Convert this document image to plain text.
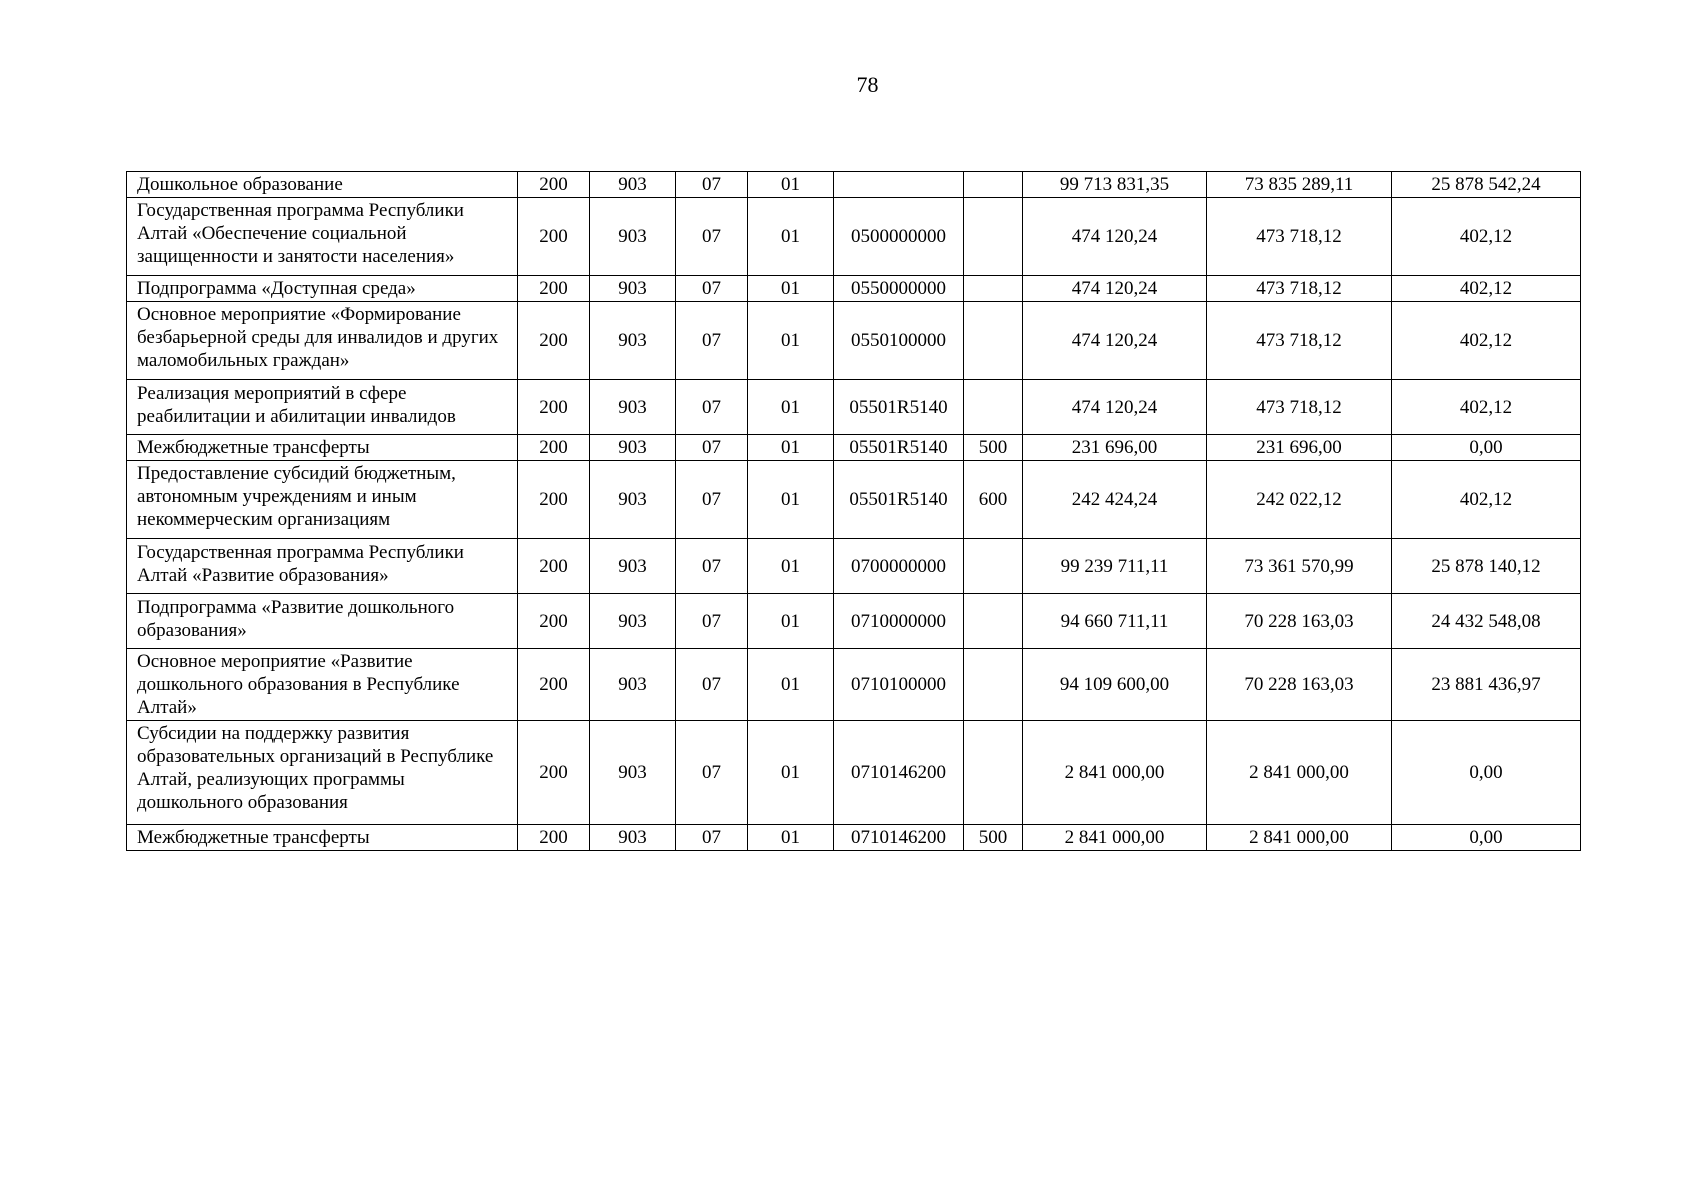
78
Дошкольное образование	200	903	07	01			99 713 831,35	73 835 289,11	25 878 542,24
Государственная программа Республики Алтай «Обеспечение социальной защищенности и занятости населения»	200	903	07	01	0500000000		474 120,24	473 718,12	402,12
Подпрограмма «Доступная среда»	200	903	07	01	0550000000		474 120,24	473 718,12	402,12
Основное мероприятие «Формирование безбарьерной среды для инвалидов и других маломобильных граждан»	200	903	07	01	0550100000		474 120,24	473 718,12	402,12
Реализация мероприятий в сфере реабилитации и абилитации инвалидов	200	903	07	01	05501R5140		474 120,24	473 718,12	402,12
Межбюджетные трансферты	200	903	07	01	05501R5140	500	231 696,00	231 696,00	0,00
Предоставление субсидий бюджетным, автономным учреждениям и иным некоммерческим организациям	200	903	07	01	05501R5140	600	242 424,24	242 022,12	402,12
Государственная программа Республики Алтай «Развитие образования»	200	903	07	01	0700000000		99 239 711,11	73 361 570,99	25 878 140,12
Подпрограмма «Развитие дошкольного образования»	200	903	07	01	0710000000		94 660 711,11	70 228 163,03	24 432 548,08
Основное мероприятие «Развитие дошкольного образования в Республике Алтай»	200	903	07	01	0710100000		94 109 600,00	70 228 163,03	23 881 436,97
Субсидии на поддержку развития образовательных организаций в Республике Алтай, реализующих программы дошкольного образования	200	903	07	01	0710146200		2 841 000,00	2 841 000,00	0,00
Межбюджетные трансферты	200	903	07	01	0710146200	500	2 841 000,00	2 841 000,00	0,00
